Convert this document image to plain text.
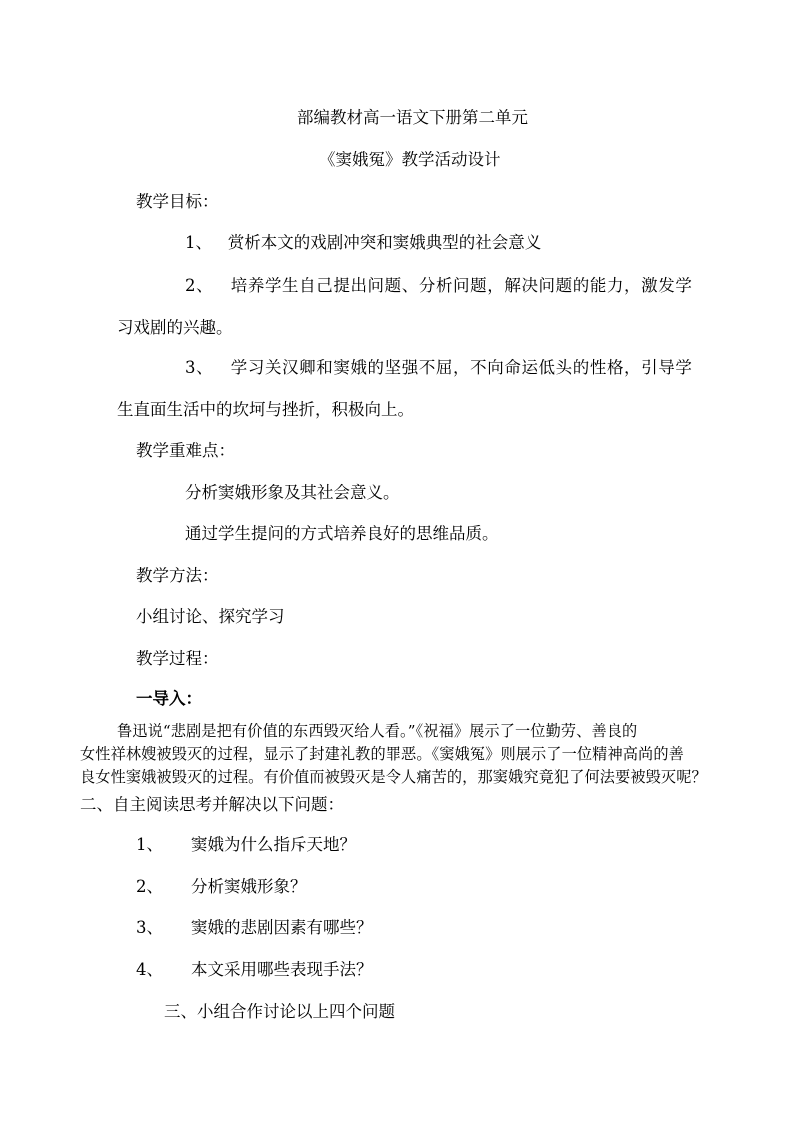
部编教材高一语文下册第二单元
《窦娥冤》教学活动设计
教学目标：
1、 赏析本文的戏剧冲突和窦娥典型的社会意义
2、 培养学生自己提出问题、分析问题，解决问题的能力，激发学
习戏剧的兴趣。
3、 学习关汉卿和窦娥的坚强不屈，不向命运低头的性格，引导学
生直面生活中的坎坷与挫折，积极向上。
教学重难点：
分析窦娥形象及其社会意义。
通过学生提问的方式培养良好的思维品质。
教学方法：
小组讨论、探究学习
教学过程：
一导入：
鲁迅说“悲剧是把有价值的东西毁灭给人看。”《祝福》展示了一位勤劳、善良的
女性祥林嫂被毁灭的过程，显示了封建礼教的罪恶。《窦娥冤》则展示了一位精神高尚的善
良女性窦娥被毁灭的过程。有价值而被毁灭是令人痛苦的，那窦娥究竟犯了何法要被毁灭呢？
二、自主阅读思考并解决以下问题：
1、 窦娥为什么指斥天地？
2、 分析窦娥形象？
3、 窦娥的悲剧因素有哪些？
4、 本文采用哪些表现手法？
三、小组合作讨论以上四个问题
